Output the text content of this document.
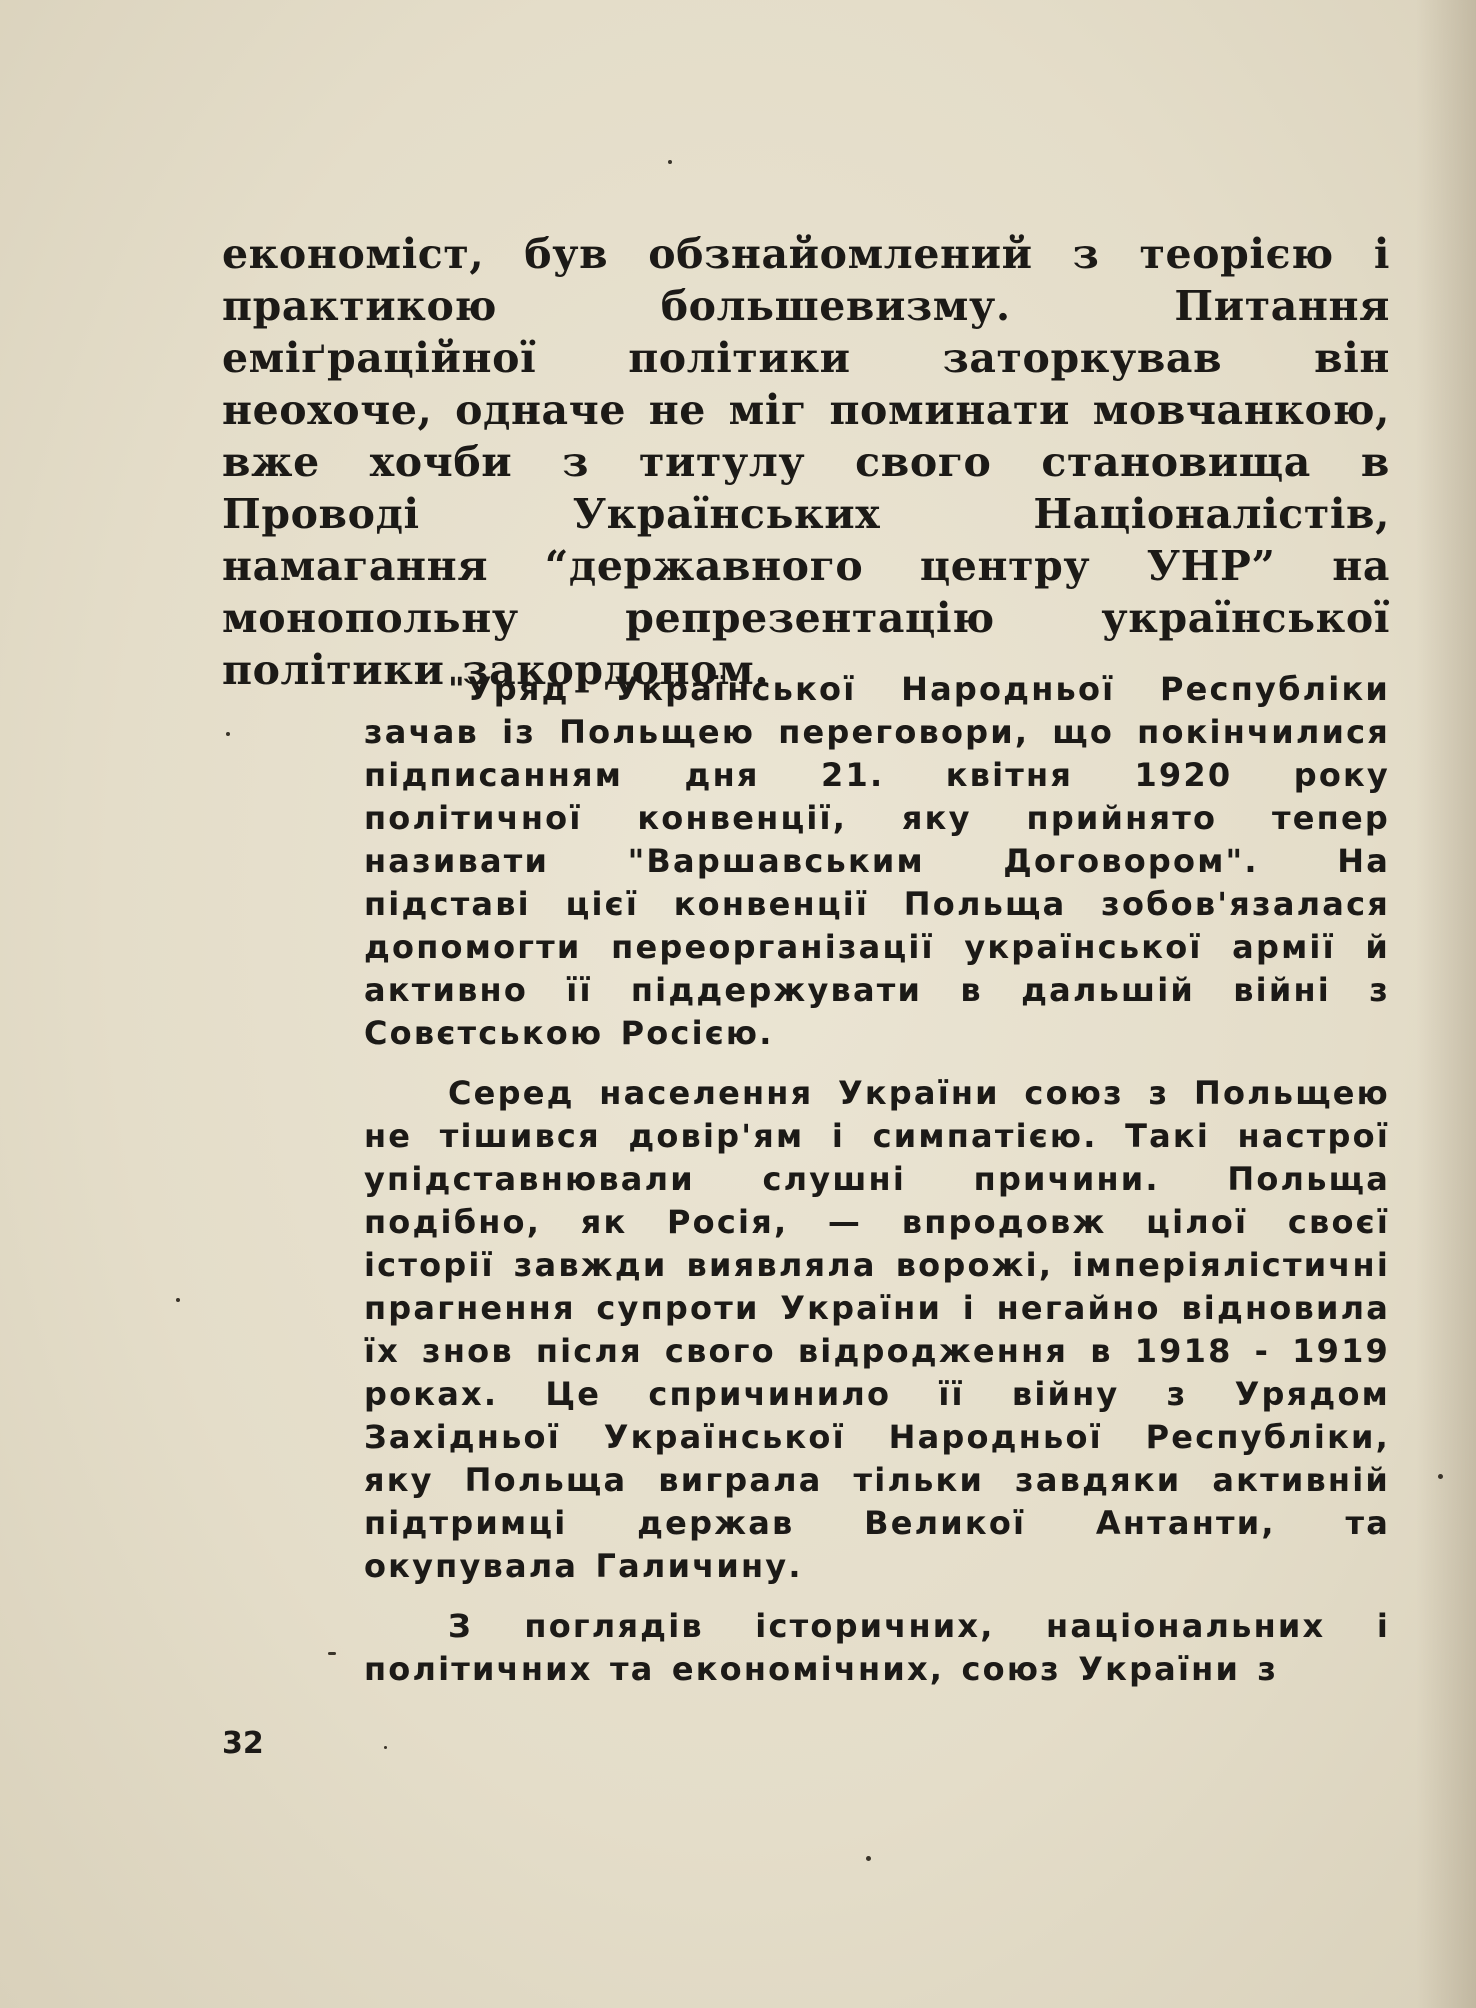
економіст, був обзнайомлений з теорією і практикою большевизму. Питання еміґраційної політики заторкував він неохоче, одначе не міг поминати мовчанкою, вже хочби з титулу свого становища в Проводі Українських Націоналістів, намагання “державного центру УНР” на монопольну репрезентацію української політики закордоном.

"Уряд Української Народньої Республіки зачав із Польщею переговори, що покінчилися підписанням дня 21. квітня 1920 року політичної конвенції, яку прийнято тепер називати "Варшавським Договором". На підставі цієї конвенції Польща зобов'язалася допомогти переорганізації української армії й активно її піддержувати в дальшій війні з Совєтською Росією.

Серед населення України союз з Польщею не тішився довір'ям і симпатією. Такі настрої упідставнювали слушні причини. Польща подібно, як Росія, — впродовж цілої своєї історії завжди виявляла ворожі, імперіялістичні прагнення супроти України і негайно відновила їх знов після свого відродження в 1918 - 1919 роках. Це спричинило її війну з Урядом Західньої Української Народньої Республіки, яку Польща виграла тільки завдяки активній підтримці держав Великої Антанти, та окупувала Галичину.

З поглядів історичних, національних і політичних та економічних, союз України з

32
